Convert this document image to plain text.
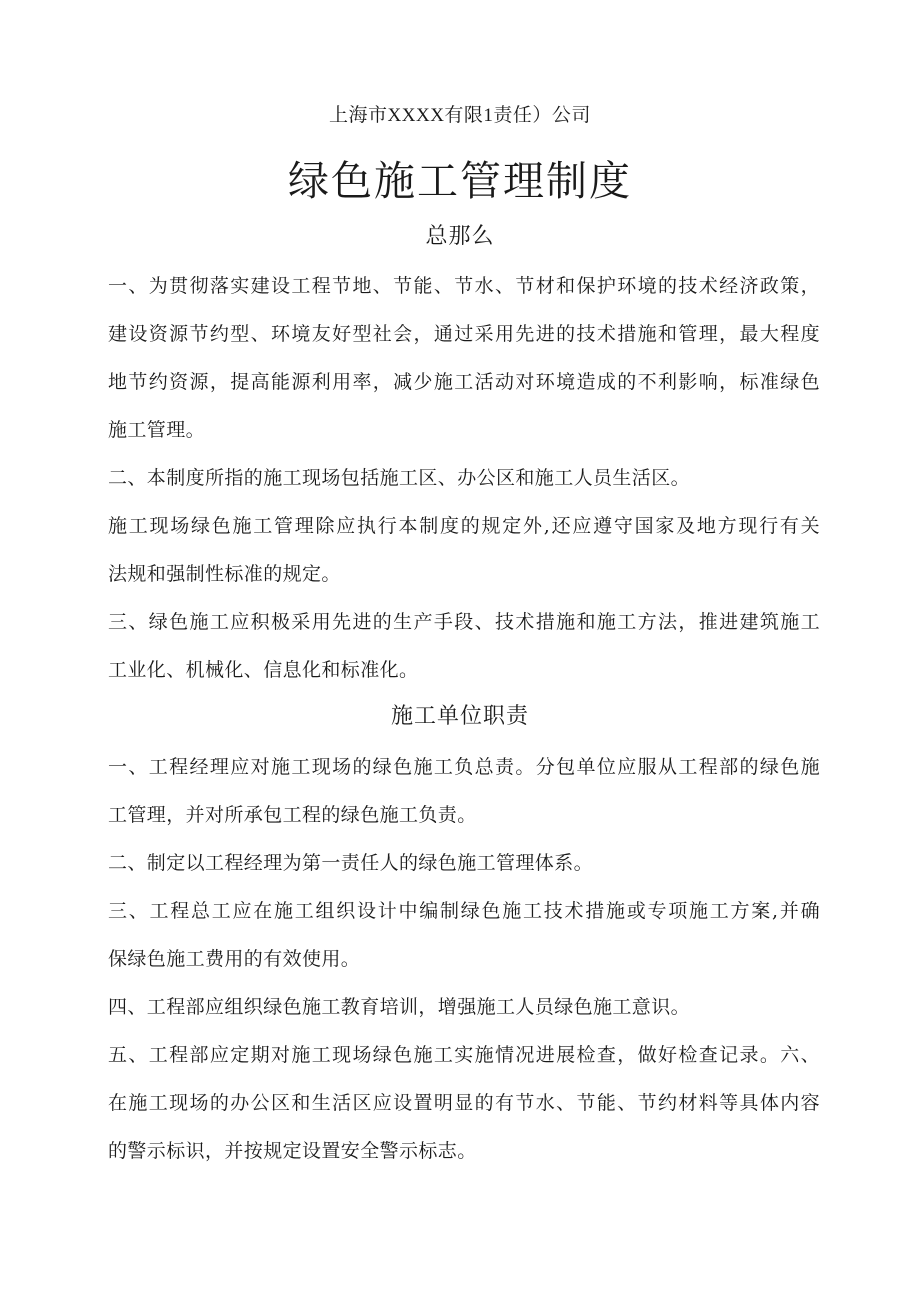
上海市XXXX有限1责任）公司
绿色施工管理制度
总那么
一、为贯彻落实建设工程节地、节能、节水、节材和保护环境的技术经济政策，
建设资源节约型、环境友好型社会，通过采用先进的技术措施和管理，最大程度
地节约资源，提高能源利用率，减少施工活动对环境造成的不利影响，标准绿色
施工管理。
二、本制度所指的施工现场包括施工区、办公区和施工人员生活区。
施工现场绿色施工管理除应执行本制度的规定外,还应遵守国家及地方现行有关
法规和强制性标准的规定。
三、绿色施工应积极采用先进的生产手段、技术措施和施工方法，推进建筑施工
工业化、机械化、信息化和标准化。
施工单位职责
一、工程经理应对施工现场的绿色施工负总责。分包单位应服从工程部的绿色施
工管理，并对所承包工程的绿色施工负责。
二、制定以工程经理为第一责任人的绿色施工管理体系。
三、工程总工应在施工组织设计中编制绿色施工技术措施或专项施工方案,并确
保绿色施工费用的有效使用。
四、工程部应组织绿色施工教育培训，增强施工人员绿色施工意识。
五、工程部应定期对施工现场绿色施工实施情况进展检查，做好检查记录。六、
在施工现场的办公区和生活区应设置明显的有节水、节能、节约材料等具体内容
的警示标识，并按规定设置安全警示标志。
